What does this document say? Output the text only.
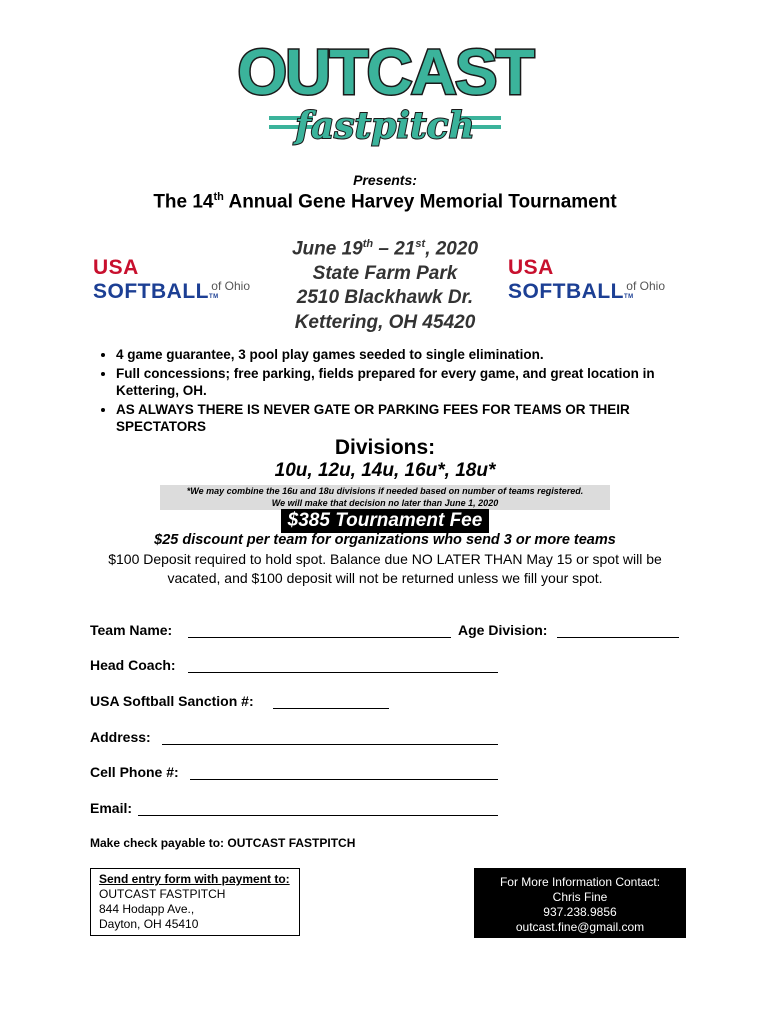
OUTCAST
fastpitch
Presents:
The 14th Annual Gene Harvey Memorial Tournament
June 19th – 21st, 2020
State Farm Park
2510 Blackhawk Dr.
Kettering, OH 45420
USA SOFTBALLTM
of Ohio
USA SOFTBALLTM
of Ohio
• 4 game guarantee, 3 pool play games seeded to single elimination.
• Full concessions; free parking, fields prepared for every game, and great location in Kettering, OH.
• AS ALWAYS THERE IS NEVER GATE OR PARKING FEES FOR TEAMS OR THEIR SPECTATORS
Divisions:
10u, 12u, 14u, 16u*, 18u*
*We may combine the 16u and 18u divisions if needed based on number of teams registered.
We will make that decision no later than June 1, 2020
$385 Tournament Fee
$25 discount per team for organizations who send 3 or more teams
$100 Deposit required to hold spot. Balance due NO LATER THAN May 15 or spot will be vacated, and $100 deposit will not be returned unless we fill your spot.
Team Name:	Age Division:
Head Coach:
USA Softball Sanction #:
Address:
Cell Phone #:
Email:
Make check payable to: OUTCAST FASTPITCH
Send entry form with payment to:
OUTCAST FASTPITCH
844 Hodapp Ave.,
Dayton, OH 45410
For More Information Contact:
Chris Fine
937.238.9856
outcast.fine@gmail.com
